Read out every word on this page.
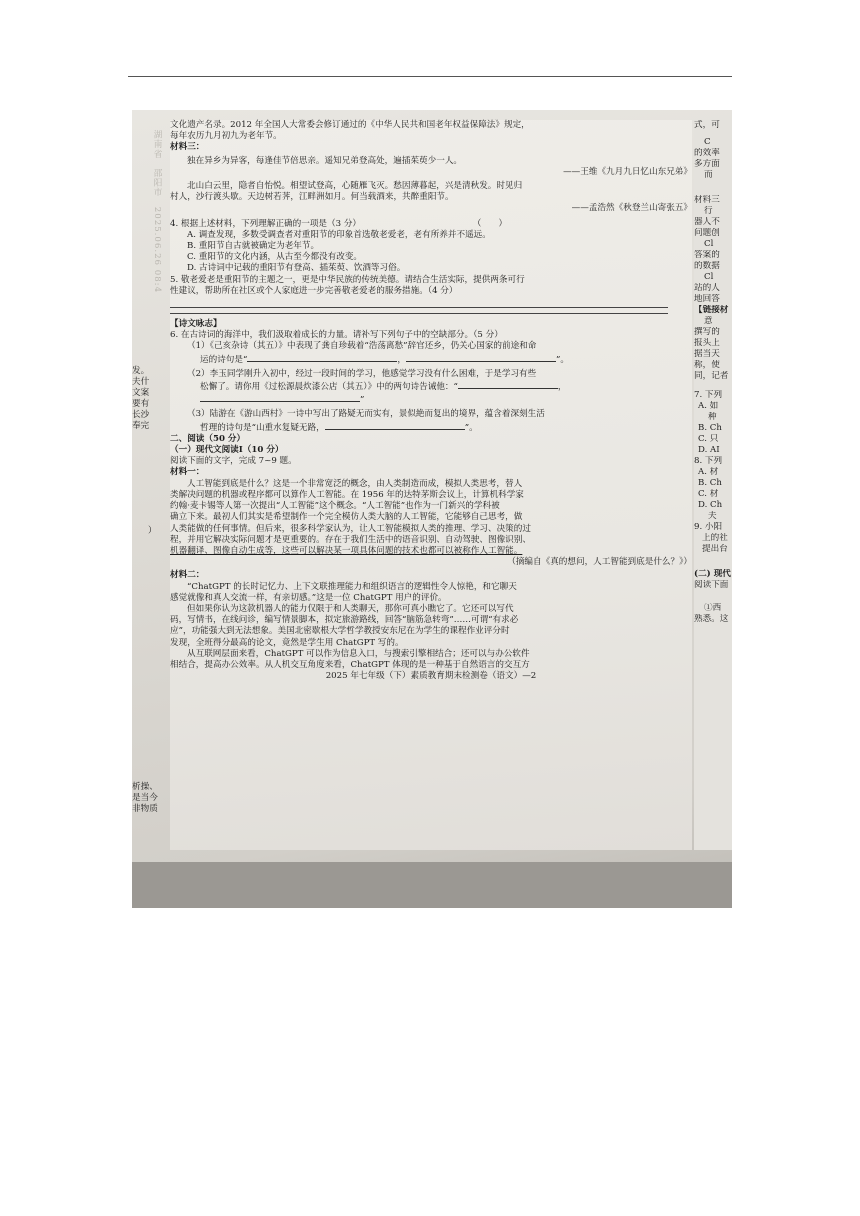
湖南省　邵阳市　2025.06.26 08:4
发。
夫什
文案
要有
长沙
奉完
）
析操、
是当今
非物质

文化遗产名录。2012 年全国人大常委会修订通过的《中华人民共和国老年权益保障法》规定，

每年农历九月初九为老年节。

材料三：

独在异乡为异客，每逢佳节倍思亲。遥知兄弟登高处，遍插茱萸少一人。

——王维《九月九日忆山东兄弟》

北山白云里，隐者自怡悦。相望试登高，心随雁飞灭。愁因薄暮起，兴是清秋发。时见归

村人，沙行渡头歇。天边树若荠，江畔洲如月。何当载酒来，共醉重阳节。

——孟浩然《秋登兰山寄张五》

4. 根据上述材料，下列理解正确的一项是（3 分）　　　　　　　　　　　　　　（　　）

A. 调查发现，多数受调查者对重阳节的印象首选敬老爱老，老有所养并不遥远。

B. 重阳节自古就被确定为老年节。

C. 重阳节的文化内涵，从古至今都没有改变。

D. 古诗词中记载的重阳节有登高、插茱萸、饮酒等习俗。

5. 敬老爱老是重阳节的主题之一，更是中华民族的传统美德。请结合生活实际，提供两条可行

性建议，帮助所在社区或个人家庭进一步完善敬老爱老的服务措施。（4 分）

【诗文咏志】

6. 在古诗词的海洋中，我们汲取着成长的力量。请补写下列句子中的空缺部分。（5 分）

（1）《己亥杂诗（其五）》中表现了龚自珍载着“浩荡离愁”辞官还乡，仍关心国家的前途和命

运的诗句是“	，	”。

（2）李玉同学刚升入初中，经过一段时间的学习，他感觉学习没有什么困难，于是学习有些

松懈了。请你用《过松源晨炊漆公店（其五）》中的两句诗告诫他：“	，

”

（3）陆游在《游山西村》一诗中写出了路疑无而实有，景似絶而复出的境界，蕴含着深刻生活

哲理的诗句是“山重水复疑无路，	”。

二、阅读（50 分）

（一）现代文阅读Ⅰ（10 分）

阅读下面的文字，完成 7~9 题。

材料一：

人工智能到底是什么？这是一个非常宽泛的概念，由人类制造而成，模拟人类思考，替人

类解决问题的机器或程序都可以算作人工智能。在 1956 年的达特茅斯会议上，计算机科学家

约翰·麦卡锡等人第一次提出“人工智能”这个概念。“人工智能”也作为一门新兴的学科被

确立下来。最初人们其实是希望制作一个完全模仿人类大脑的人工智能，它能够自己思考，做

人类能做的任何事情。但后来，很多科学家认为，让人工智能模拟人类的推理、学习、决策的过

程，并用它解决实际问题才是更重要的。存在于我们生活中的语音识别、自动驾驶、图像识别、

机器翻译、图像自动生成等，这些可以解决某一项具体问题的技术也都可以被称作人工智能。

（摘编自《真的想问，人工智能到底是什么？》）

材料二：

“ChatGPT 的长时记忆力、上下文联推理能力和组织语言的逻辑性令人惊艳，和它聊天

感觉就像和真人交流一样，有亲切感。”这是一位 ChatGPT 用户的评价。

但如果你认为这款机器人的能力仅限于和人类聊天，那你可真小瞧它了。它还可以写代

码，写情书，在线问诊，编写情景脚本，拟定旅游路线，回答“脑筋急转弯”……可谓“有求必

应”，功能强大到无法想象。美国北密歇根大学哲学教授安东尼在为学生的课程作业评分时

发现，全班得分最高的论文，竟然是学生用 ChatGPT 写的。

从互联网层面来看，ChatGPT 可以作为信息入口，与搜索引擎相结合；还可以与办公软件

相结合，提高办公效率。从人机交互角度来看，ChatGPT 体现的是一种基于自然语言的交互方

2025 年七年级（下）素质教育期末检测卷（语文）—2

式，可
C
的效率
多方面
而
材料三
行
器人不
问题创
Cl
答案的
的数据
Cl
站的人
地回答
【链接材
意
撰写的
报头上
据当天
称，使
同，记者
7. 下列
A. 如
种
B. Ch
C. 只
D. AI
8. 下列
A. 材
B. Ch
C. 材
D. Ch
夫
9. 小阳
上的社
提出台
(二) 现代
阅读下面
①西
熟悉。这
